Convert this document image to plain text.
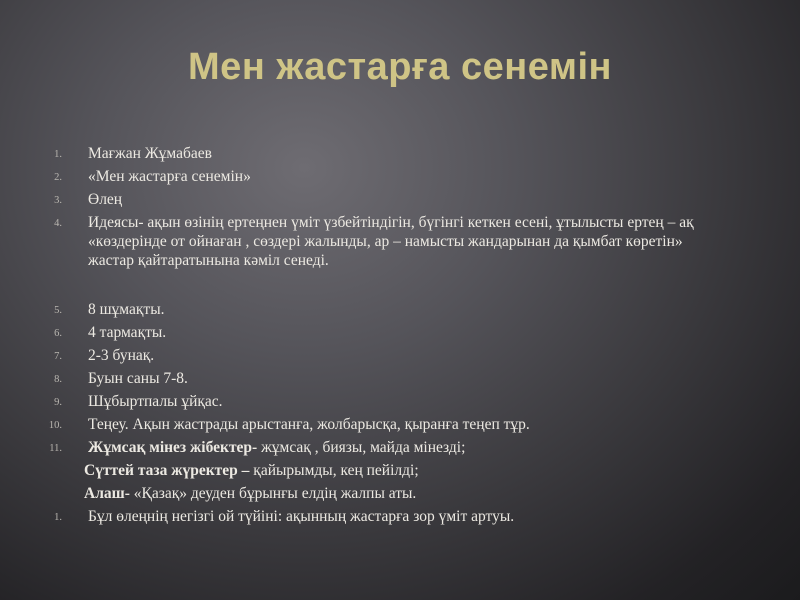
Мен жастарға сенемін
1. Мағжан Жұмабаев
2. «Мен жастарға сенемін»
3. Өлең
4. Идеясы- ақын өзінің ертеңнен үміт үзбейтіндігін, бүгінгі кеткен есені, ұтылысты ертең – ақ «көздерінде от ойнаған , сөздері жалынды, ар – намысты жандарынан да қымбат көретін» жастар қайтаратынына кәміл сенеді.
5. 8 шұмақты.
6. 4 тармақты.
7. 2-3 бунақ.
8. Буын саны 7-8.
9. Шұбыртпалы ұйқас.
10. Теңеу. Ақын жастрады арыстанға, жолбарысқа, қыранға теңеп тұр.
11. Жұмсақ мінез жібектер- жұмсақ , биязы, майда мінезді;
Сүттей таза жүректер – қайырымды, кең пейілді;
Алаш- «Қазақ» деуден бұрынғы елдің жалпы аты.
1. Бұл өлеңнің негізгі ой түйіні: ақынның жастарға зор үміт артуы.
